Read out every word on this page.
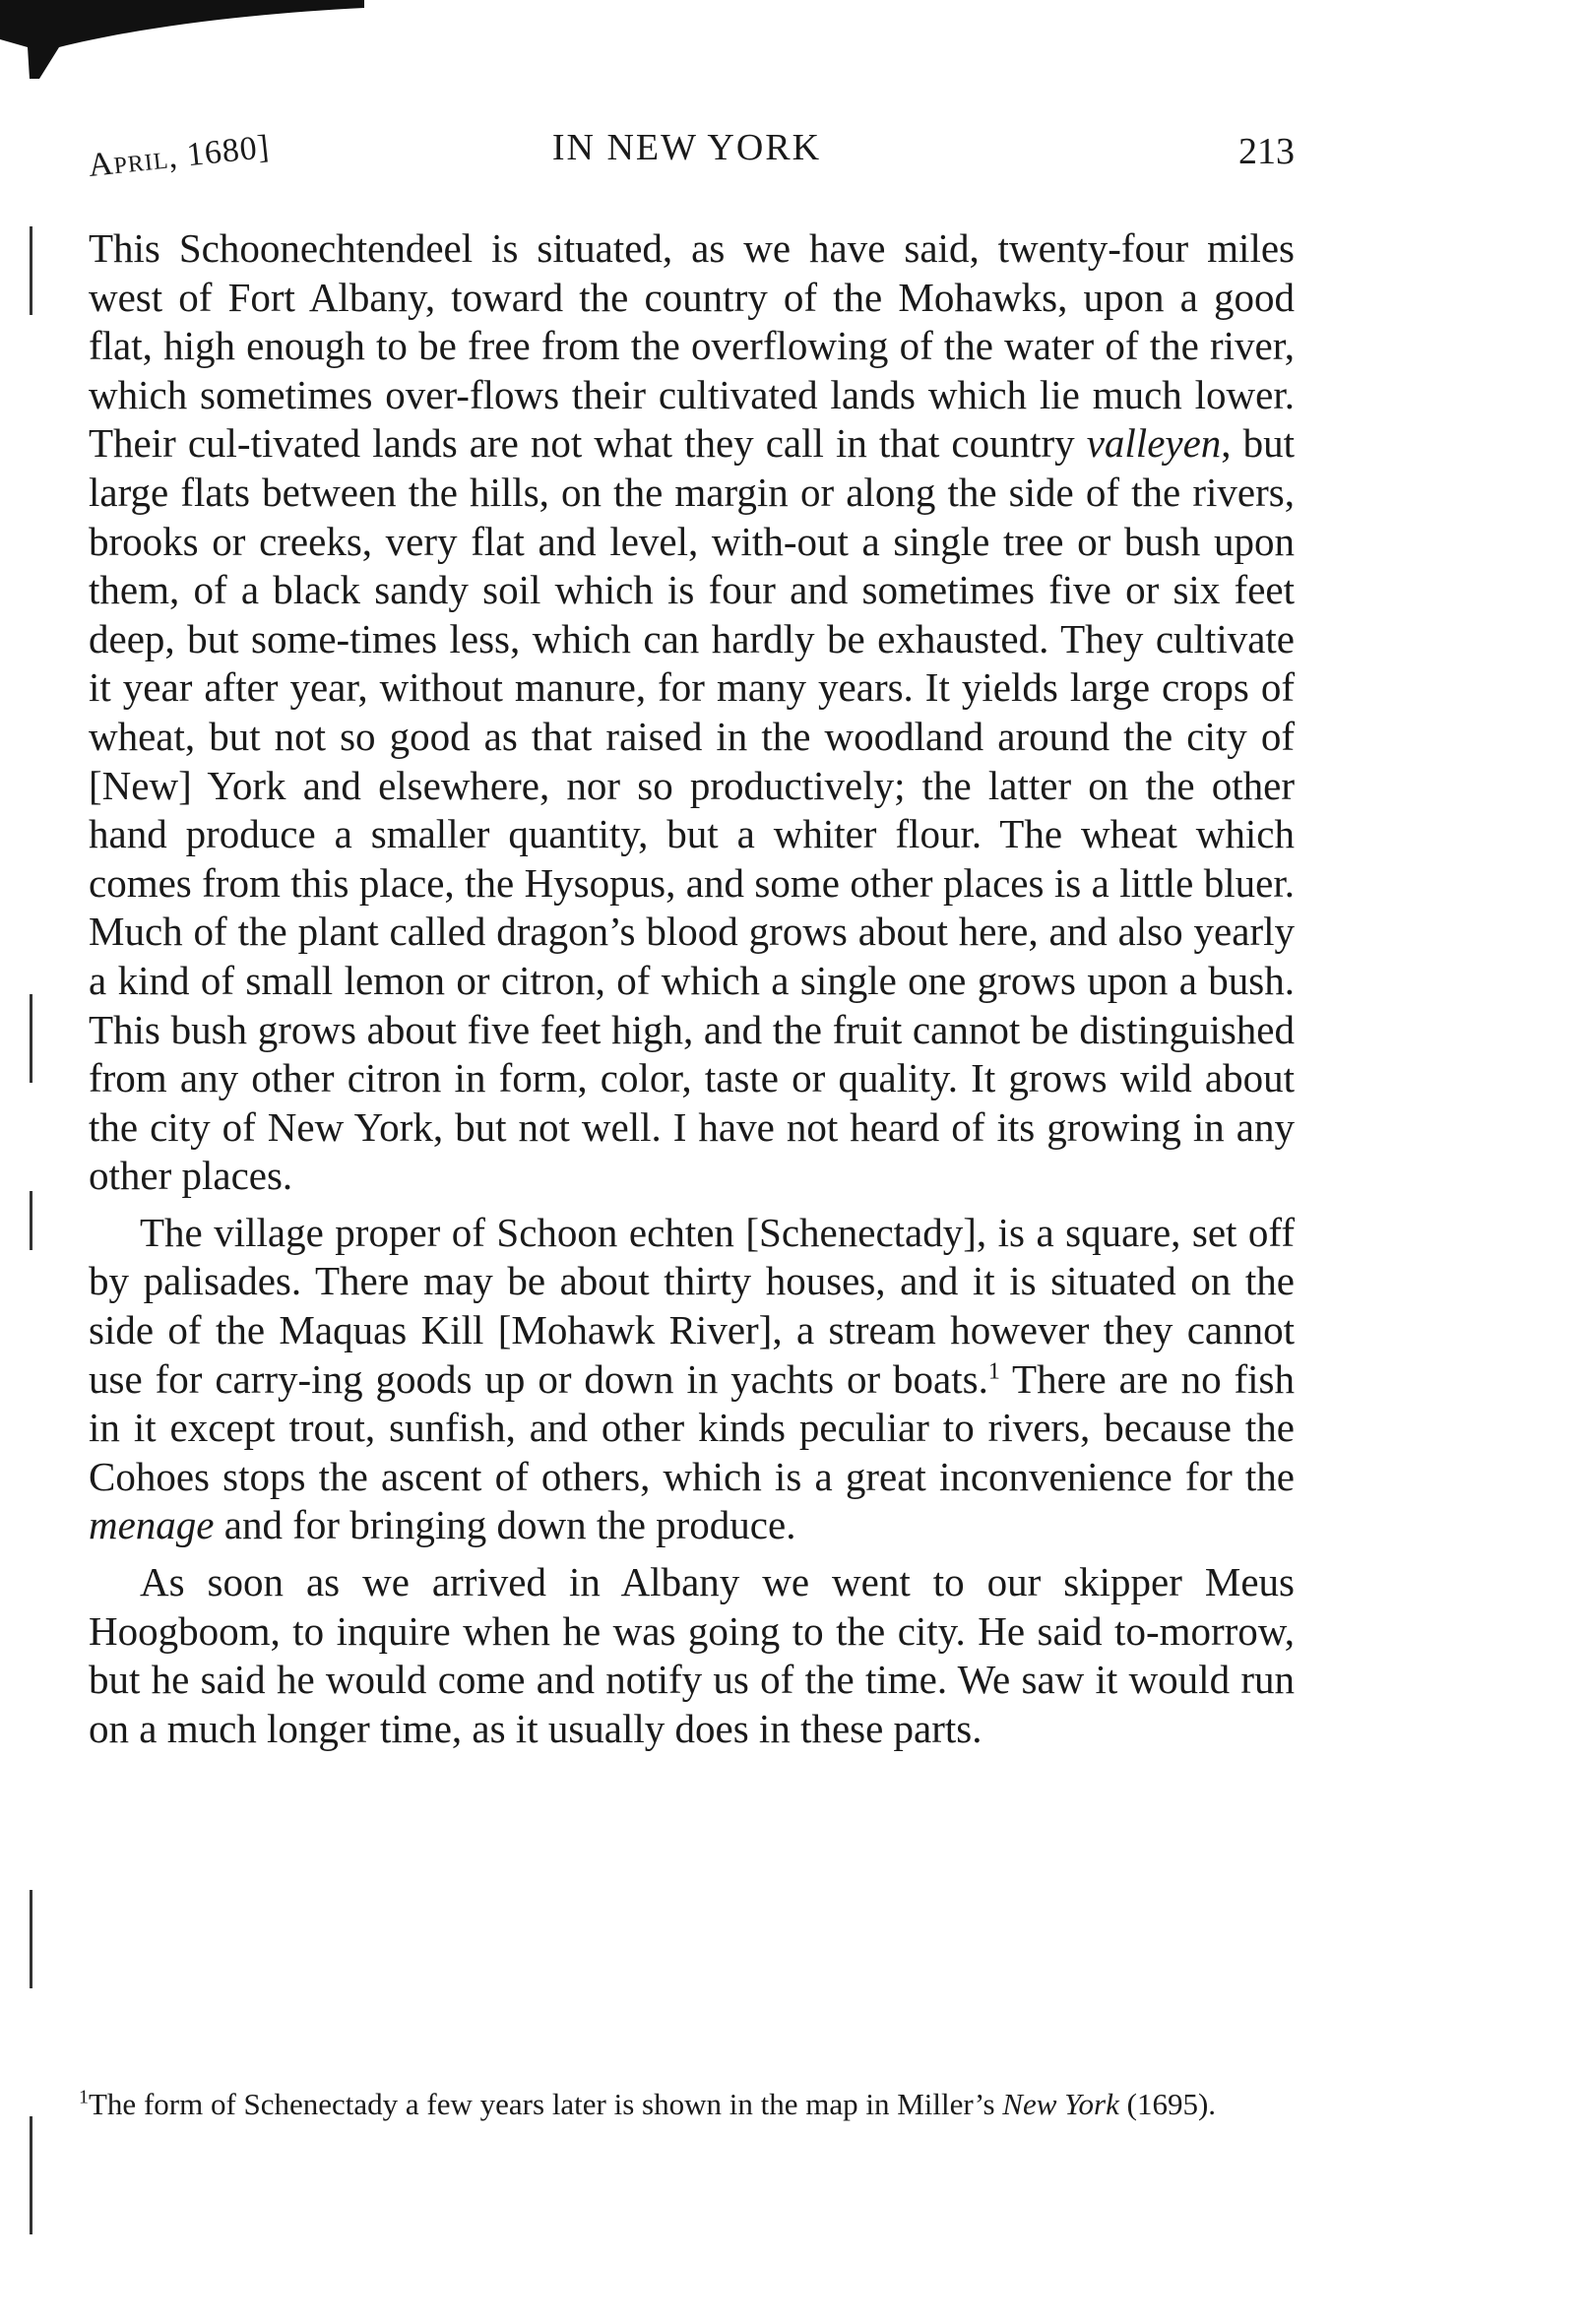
April, 1680]	IN NEW YORK	213

This Schoonechtendeel is situated, as we have said, twenty-four miles west of Fort Albany, toward the country of the Mohawks, upon a good flat, high enough to be free from the overflowing of the water of the river, which sometimes over-flows their cultivated lands which lie much lower. Their cul-tivated lands are not what they call in that country valleyen, but large flats between the hills, on the margin or along the side of the rivers, brooks or creeks, very flat and level, with-out a single tree or bush upon them, of a black sandy soil which is four and sometimes five or six feet deep, but some-times less, which can hardly be exhausted. They cultivate it year after year, without manure, for many years. It yields large crops of wheat, but not so good as that raised in the woodland around the city of [New] York and elsewhere, nor so productively; the latter on the other hand produce a smaller quantity, but a whiter flour. The wheat which comes from this place, the Hysopus, and some other places is a little bluer. Much of the plant called dragon’s blood grows about here, and also yearly a kind of small lemon or citron, of which a single one grows upon a bush. This bush grows about five feet high, and the fruit cannot be distinguished from any other citron in form, color, taste or quality. It grows wild about the city of New York, but not well. I have not heard of its growing in any other places.

The village proper of Schoon echten [Schenectady], is a square, set off by palisades. There may be about thirty houses, and it is situated on the side of the Maquas Kill [Mohawk River], a stream however they cannot use for carry-ing goods up or down in yachts or boats.$^1$ There are no fish in it except trout, sunfish, and other kinds peculiar to rivers, because the Cohoes stops the ascent of others, which is a great inconvenience for the menage and for bringing down the produce.

As soon as we arrived in Albany we went to our skipper Meus Hoogboom, to inquire when he was going to the city. He said to-morrow, but he said he would come and notify us of the time. We saw it would run on a much longer time, as it usually does in these parts.

$^1$The form of Schenectady a few years later is shown in the map in Miller’s New York (1695).
